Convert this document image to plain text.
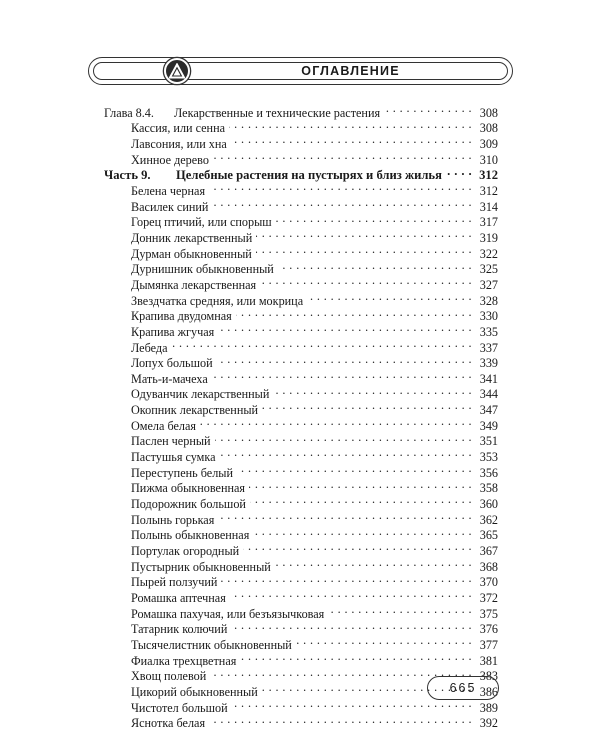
ОГЛАВЛЕНИЕ
Глава 8.4. Лекарственные и технические растения . . .	308
Кассия, или сенна . . .	308
Лавсония, или хна . . .	309
Хинное дерево . . .	310
Часть 9. Целебные растения на пустырях и близ жилья . . .	312
Белена черная . . .	312
Василек синий . . .	314
Горец птичий, или спорыш . . .	317
Донник лекарственный . . .	319
Дурман обыкновенный . . .	322
Дурнишник обыкновенный . . .	325
Дымянка лекарственная . . .	327
Звездчатка средняя, или мокрица . . .	328
Крапива двудомная . . .	330
Крапива жгучая . . .	335
Лебеда . . .	337
Лопух большой . . .	339
Мать-и-мачеха . . .	341
Одуванчик лекарственный . . .	344
Окопник лекарственный . . .	347
Омела белая . . .	349
Паслен черный . . .	351
Пастушья сумка . . .	353
Переступень белый . . .	356
Пижма обыкновенная . . .	358
Подорожник большой . . .	360
Полынь горькая . . .	362
Полынь обыкновенная . . .	365
Портулак огородный . . .	367
Пустырник обыкновенный . . .	368
Пырей ползучий . . .	370
Ромашка аптечная . . .	372
Ромашка пахучая, или безъязычковая . . .	375
Татарник колючий . . .	376
Тысячелистник обыкновенный . . .	377
Фиалка трехцветная . . .	381
Хвощ полевой . . .	383
Цикорий обыкновенный . . .	386
Чистотел большой . . .	389
Яснотка белая . . .	392
665
